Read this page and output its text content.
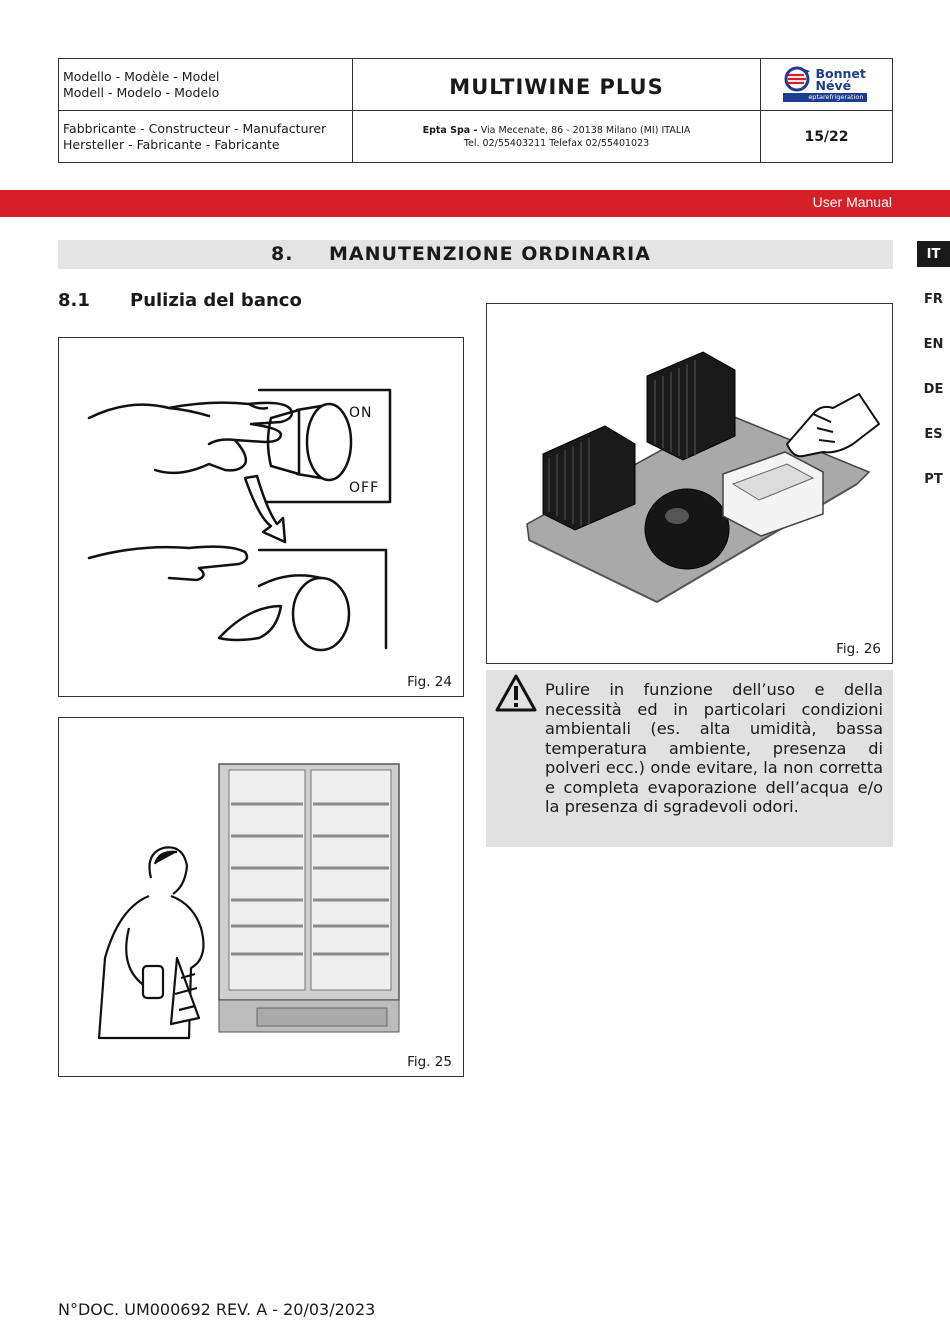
Modello - Modèle - Model
Modell - Modelo - Modelo	MULTIWINE PLUS
Bonnet
Névé
eptarefrigeration
Fabbricante - Constructeur - Manufacturer
Hersteller - Fabricante - Fabricante
Epta Spa - Via Mecenate, 86 - 20138 Milano (MI) ITALIA
Tel. 02/55403211 Telefax 02/55401023	15/22
User Manual
8. MANUTENZIONE ORDINARIA
8.1 Pulizia del banco
IT
FR
EN
DE
ES
PT
ON
OFF
Fig. 24
Fig. 25
Fig. 26
Pulire in funzione dell’uso e della necessità ed in particolari condizioni ambientali (es. alta umidità, bassa temperatura ambiente, presenza di polveri ecc.) onde evitare, la non corretta e completa evaporazione dell’acqua e/o la presenza di sgradevoli odori.
N°DOC. UM000692 REV. A - 20/03/2023
